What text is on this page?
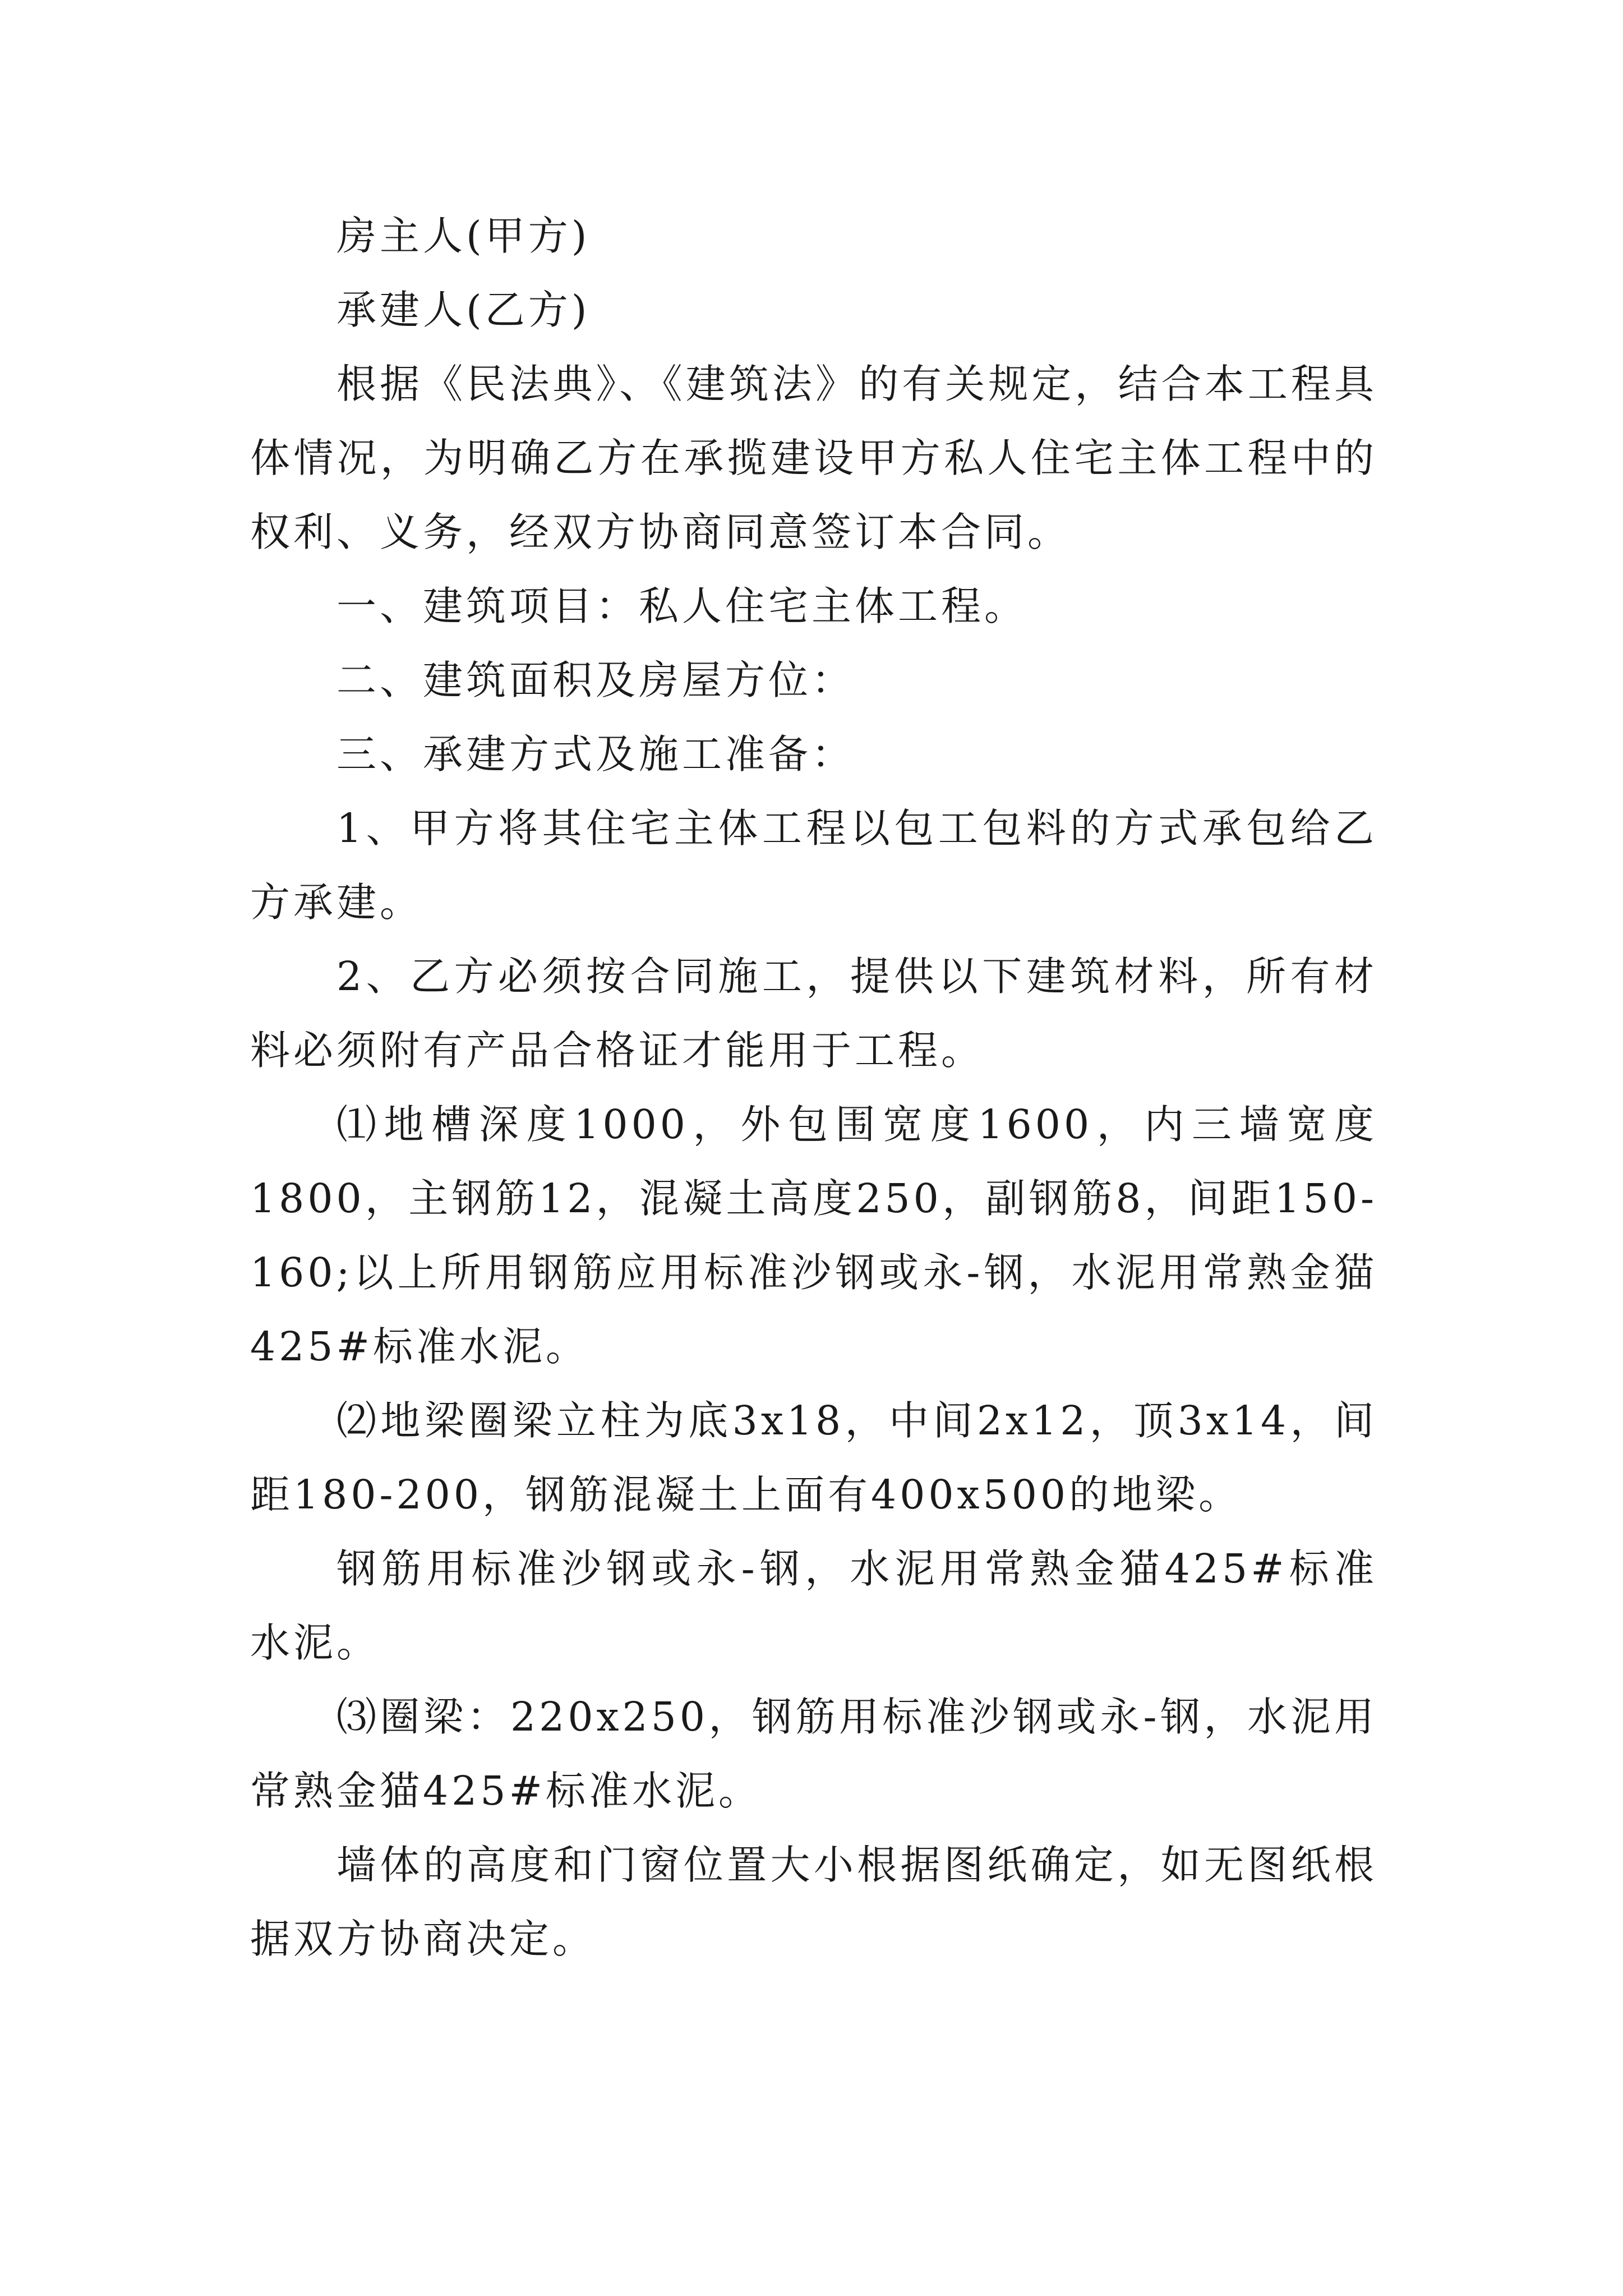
房主人(甲方)

承建人(乙方)

根据《民法典》、《建筑法》的有关规定，结合本工程具体情况，为明确乙方在承揽建设甲方私人住宅主体工程中的权利、义务，经双方协商同意签订本合同。

一、建筑项目：私人住宅主体工程。

二、建筑面积及房屋方位：

三、承建方式及施工准备：

1、甲方将其住宅主体工程以包工包料的方式承包给乙方承建。

2、乙方必须按合同施工，提供以下建筑材料，所有材料必须附有产品合格证才能用于工程。

⑴地槽深度1000，外包围宽度1600，内三墙宽度1800，主钢筋12，混凝土高度250，副钢筋8，间距150-160;以上所用钢筋应用标准沙钢或永-钢，水泥用常熟金猫425#标准水泥。

⑵地梁圈梁立柱为底3x18，中间2x12，顶3x14，间距180-200，钢筋混凝土上面有400x500的地梁。

钢筋用标准沙钢或永-钢，水泥用常熟金猫425#标准水泥。

⑶圈梁：220x250，钢筋用标准沙钢或永-钢，水泥用常熟金猫425#标准水泥。

墙体的高度和门窗位置大小根据图纸确定，如无图纸根据双方协商决定。
